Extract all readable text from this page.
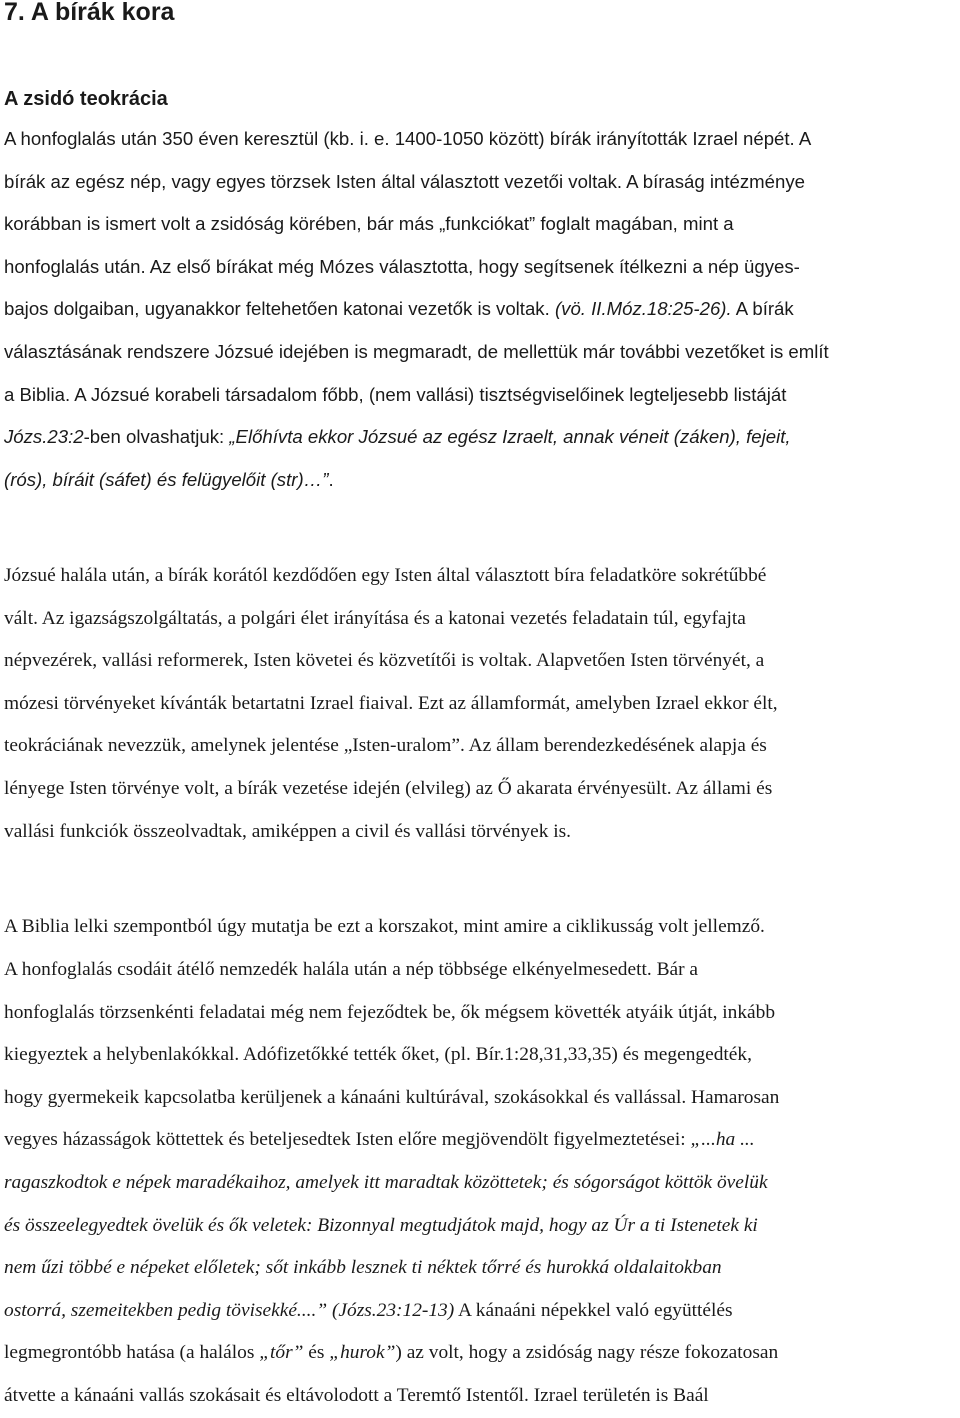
7. A bírák kora
A zsidó teokrácia

A honfoglalás után 350 éven keresztül (kb. i. e. 1400-1050 között) bírák irányították Izrael népét. A
bírák az egész nép, vagy egyes törzsek Isten által választott vezetői voltak. A bíraság intézménye
korábban is ismert volt a zsidóság körében, bár más „funkciókat” foglalt magában, mint a
honfoglalás után. Az első bírákat még Mózes választotta, hogy segítsenek ítélkezni a nép ügyes-
bajos dolgaiban, ugyanakkor feltehetően katonai vezetők is voltak. (vö. II.Móz.18:25-26). A bírák
választásának rendszere Józsué idejében is megmaradt, de mellettük már további vezetőket is említ
a Biblia. A Józsué korabeli társadalom főbb, (nem vallási) tisztségviselőinek legteljesebb listáját
Józs.23:2-ben olvashatjuk: „Előhívta ekkor Józsué az egész Izraelt, annak véneit (záken), fejeit,
(rós), bíráit (sáfet) és felügyelőit (str)…”.

Józsué halála után, a bírák korától kezdődően egy Isten által választott bíra feladatköre sokrétűbbé
vált. Az igazságszolgáltatás, a polgári élet irányítása és a katonai vezetés feladatain túl, egyfajta
népvezérek, vallási reformerek, Isten követei és közvetítői is voltak. Alapvetően Isten törvényét, a
mózesi törvényeket kívánták betartatni Izrael fiaival. Ezt az államformát, amelyben Izrael ekkor élt,
teokráciának nevezzük, amelynek jelentése „Isten-uralom”. Az állam berendezkedésének alapja és
lényege Isten törvénye volt, a bírák vezetése idején (elvileg) az Ő akarata érvényesült. Az állami és
vallási funkciók összeolvadtak, amiképpen a civil és vallási törvények is.

A Biblia lelki szempontból úgy mutatja be ezt a korszakot, mint amire a ciklikusság volt jellemző.

A honfoglalás csodáit átélő nemzedék halála után a nép többsége elkényelmesedett. Bár a
honfoglalás törzsenkénti feladatai még nem fejeződtek be, ők mégsem követték atyáik útját, inkább
kiegyeztek a helybenlakókkal. Adófizetőkké tették őket, (pl. Bír.1:28,31,33,35) és megengedték,
hogy gyermekeik kapcsolatba kerüljenek a kánaáni kultúrával, szokásokkal és vallással. Hamarosan
vegyes házasságok köttettek és beteljesedtek Isten előre megjövendölt figyelmeztetései: „...ha ...
ragaszkodtok e népek maradékaihoz, amelyek itt maradtak közöttetek; és sógorságot köttök övelük
és összeelegyedtek övelük és ők veletek: Bizonnyal megtudjátok majd, hogy az Úr a ti Istenetek ki
nem űzi többé e népeket előletek; sőt inkább lesznek ti néktek tőrré és hurokká oldalaitokban
ostorrá, szemeitekben pedig tövisekké....” (Józs.23:12-13) A kánaáni népekkel való együttélés
legmegrontóbb hatása (a halálos „tőr” és „hurok”) az volt, hogy a zsidóság nagy része fokozatosan
átvette a kánaáni vallás szokásait és eltávolodott a Teremtő Istentől. Izrael területén is Baál
